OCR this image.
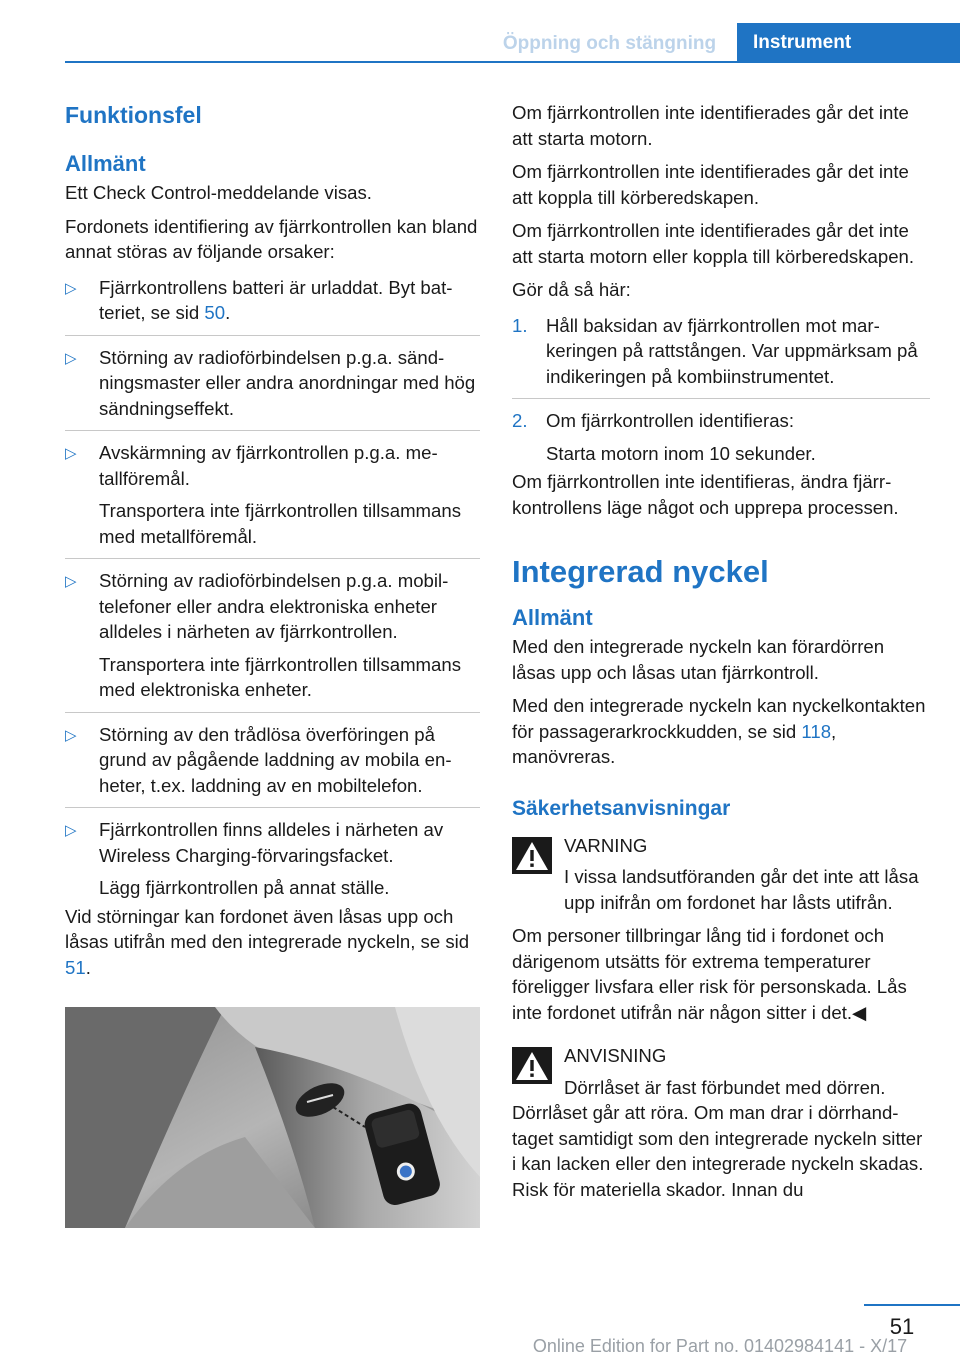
Öppning och stängning	Instrument
Funktionsfel
Allmänt

Ett Check Control-meddelande visas.

Fordonets identifiering av fjärrkontrollen kan bland annat störas av följande orsaker:

▷	Fjärrkontrollens batteri är urladdat. Byt batteriet, se sid 50.
▷	Störning av radioförbindelsen p.g.a. sändningsmaster eller andra anordningar med hög sändningseffekt.
▷	Avskärmning av fjärrkontrollen p.g.a. metallföremål.
Transportera inte fjärrkontrollen tillsammans med metallföremål.
▷	Störning av radioförbindelsen p.g.a. mobiltelefoner eller andra elektroniska enheter alldeles i närheten av fjärrkontrollen.
Transportera inte fjärrkontrollen tillsammans med elektroniska enheter.
▷	Störning av den trådlösa överföringen på grund av pågående laddning av mobila enheter, t.ex. laddning av en mobiltelefon.
▷	Fjärrkontrollen finns alldeles i närheten av Wireless Charging-förvaringsfacket.
Lägg fjärrkontrollen på annat ställe.

Vid störningar kan fordonet även låsas upp och låsas utifrån med den integrerade nyckeln, se sid 51.

Om fjärrkontrollen inte identifierades går det inte att starta motorn.

Om fjärrkontrollen inte identifierades går det inte att koppla till körberedskapen.

Om fjärrkontrollen inte identifierades går det inte att starta motorn eller koppla till körberedskapen.

Gör då så här:

1. Håll baksidan av fjärrkontrollen mot markeringen på rattstången. Var uppmärksam på indikeringen på kombiinstrumentet.
2. Om fjärrkontrollen identifieras:
Starta motorn inom 10 sekunder.

Om fjärrkontrollen inte identifieras, ändra fjärrkontrollens läge något och upprepa processen.

Integrerad nyckel
Allmänt

Med den integrerade nyckeln kan förardörren låsas upp och låsas utan fjärrkontroll.

Med den integrerade nyckeln kan nyckelkontakten för passagerarkrockkudden, se sid 118, manövreras.

Säkerhetsanvisningar

VARNING

I vissa landsutföranden går det inte att låsa upp inifrån om fordonet har låsts utifrån.

Om personer tillbringar lång tid i fordonet och därigenom utsätts för extrema temperaturer föreligger livsfara eller risk för personskada. Lås inte fordonet utifrån när någon sitter i det.◀

ANVISNING

Dörrlåset är fast förbundet med dörren.

Dörrlåset går att röra. Om man drar i dörrhandtaget samtidigt som den integrerade nyckeln sitter i kan lacken eller den integrerade nyckeln skadas. Risk för materiella skador. Innan du

51
Online Edition for Part no. 01402984141 - X/17
